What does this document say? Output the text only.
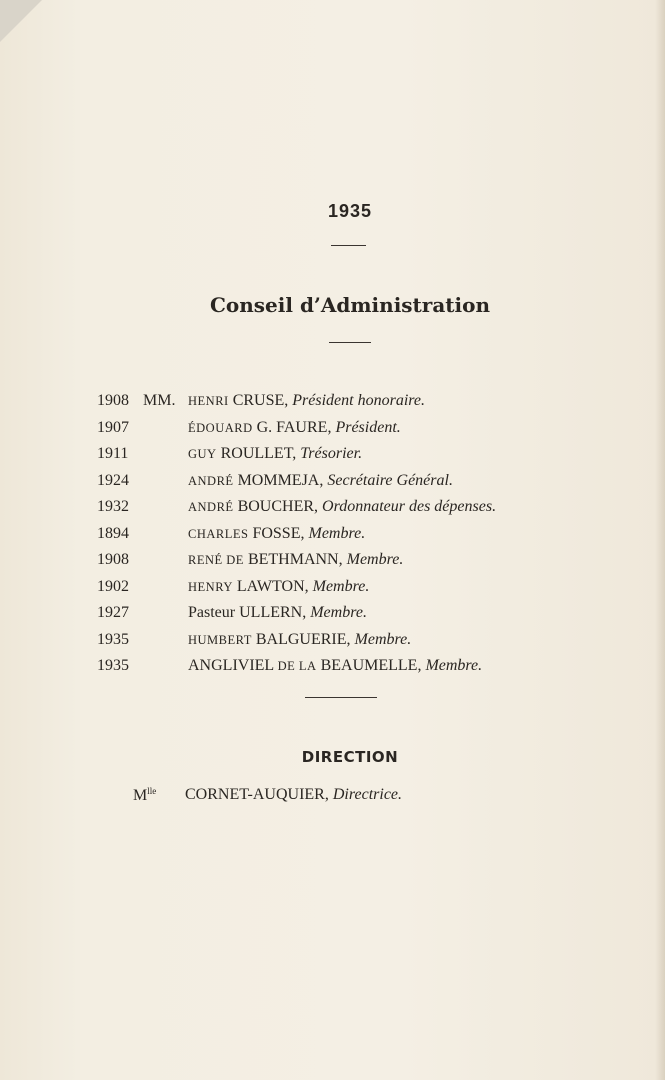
1935
Conseil d’Administration
1908 MM. HENRI CRUSE, Président honoraire.
1907	ÉDOUARD G. FAURE, Président.
1911	GUY ROULLET, Trésorier.
1924	ANDRÉ MOMMEJA, Secrétaire Général.
1932	ANDRÉ BOUCHER, Ordonnateur des dépenses.
1894	CHARLES FOSSE, Membre.
1908	RENÉ DE BETHMANN, Membre.
1902	HENRY LAWTON, Membre.
1927	Pasteur ULLERN, Membre.
1935	HUMBERT BALGUERIE, Membre.
1935	ANGLIVIEL DE LA BEAUMELLE, Membre.
DIRECTION
$M^{lle}$ CORNET-AUQUIER, Directrice.
